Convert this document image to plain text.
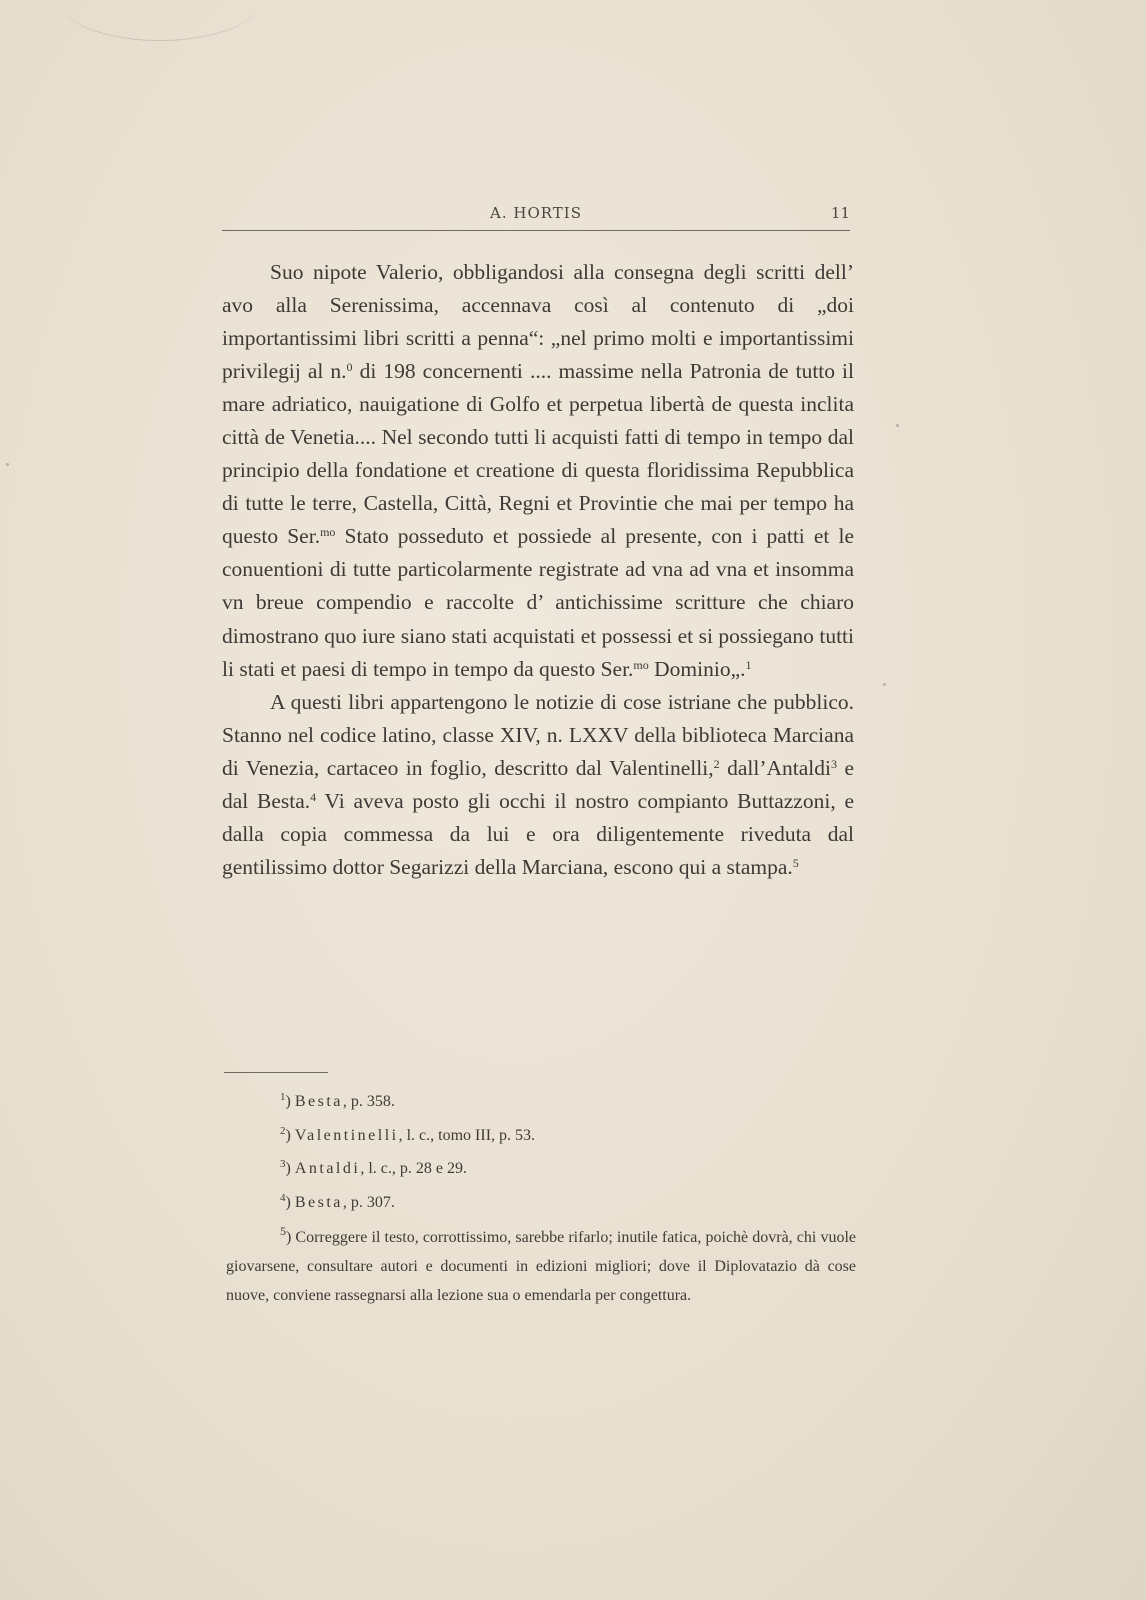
A. HORTIS	11

Suo nipote Valerio, obbligandosi alla consegna degli scritti dell’ avo alla Serenissima, accennava così al contenuto di „doi importantissimi libri scritti a penna“: „nel primo molti e importantissimi privilegij al n.$^0$ di 198 concernenti .... massime nella Patronia de tutto il mare adriatico, nauigatione di Golfo et perpetua libertà de questa inclita città de Venetia.... Nel secondo tutti li acquisti fatti di tempo in tempo dal principio della fondatione et creatione di questa floridissima Repubblica di tutte le terre, Castella, Città, Regni et Provintie che mai per tempo ha questo Ser.$^{mo}$ Stato posseduto et possiede al presente, con i patti et le conuentioni di tutte particolarmente registrate ad vna ad vna et insomma vn breue compendio e raccolte d’ antichissime scritture che chiaro dimostrano quo iure siano stati acquistati et possessi et si possiegano tutti li stati et paesi di tempo in tempo da questo Ser.$^{mo}$ Dominio„.$^1$

A questi libri appartengono le notizie di cose istriane che pubblico. Stanno nel codice latino, classe XIV, n. LXXV della biblioteca Marciana di Venezia, cartaceo in foglio, descritto dal Valentinelli,$^2$ dall’Antaldi$^3$ e dal Besta.$^4$ Vi aveva posto gli occhi il nostro compianto Buttazzoni, e dalla copia commessa da lui e ora diligentemente riveduta dal gentilissimo dottor Segarizzi della Marciana, escono qui a stampa.$^5$

$^1$) Besta, p. 358.
$^2$) Valentinelli, l. c., tomo III, p. 53.
$^3$) Antaldi, l. c., p. 28 e 29.
$^4$) Besta, p. 307.
$^5$) Correggere il testo, corrottissimo, sarebbe rifarlo; inutile fatica, poichè dovrà, chi vuole giovarsene, consultare autori e documenti in edizioni migliori; dove il Diplovatazio dà cose nuove, conviene rassegnarsi alla lezione sua o emendarla per congettura.
